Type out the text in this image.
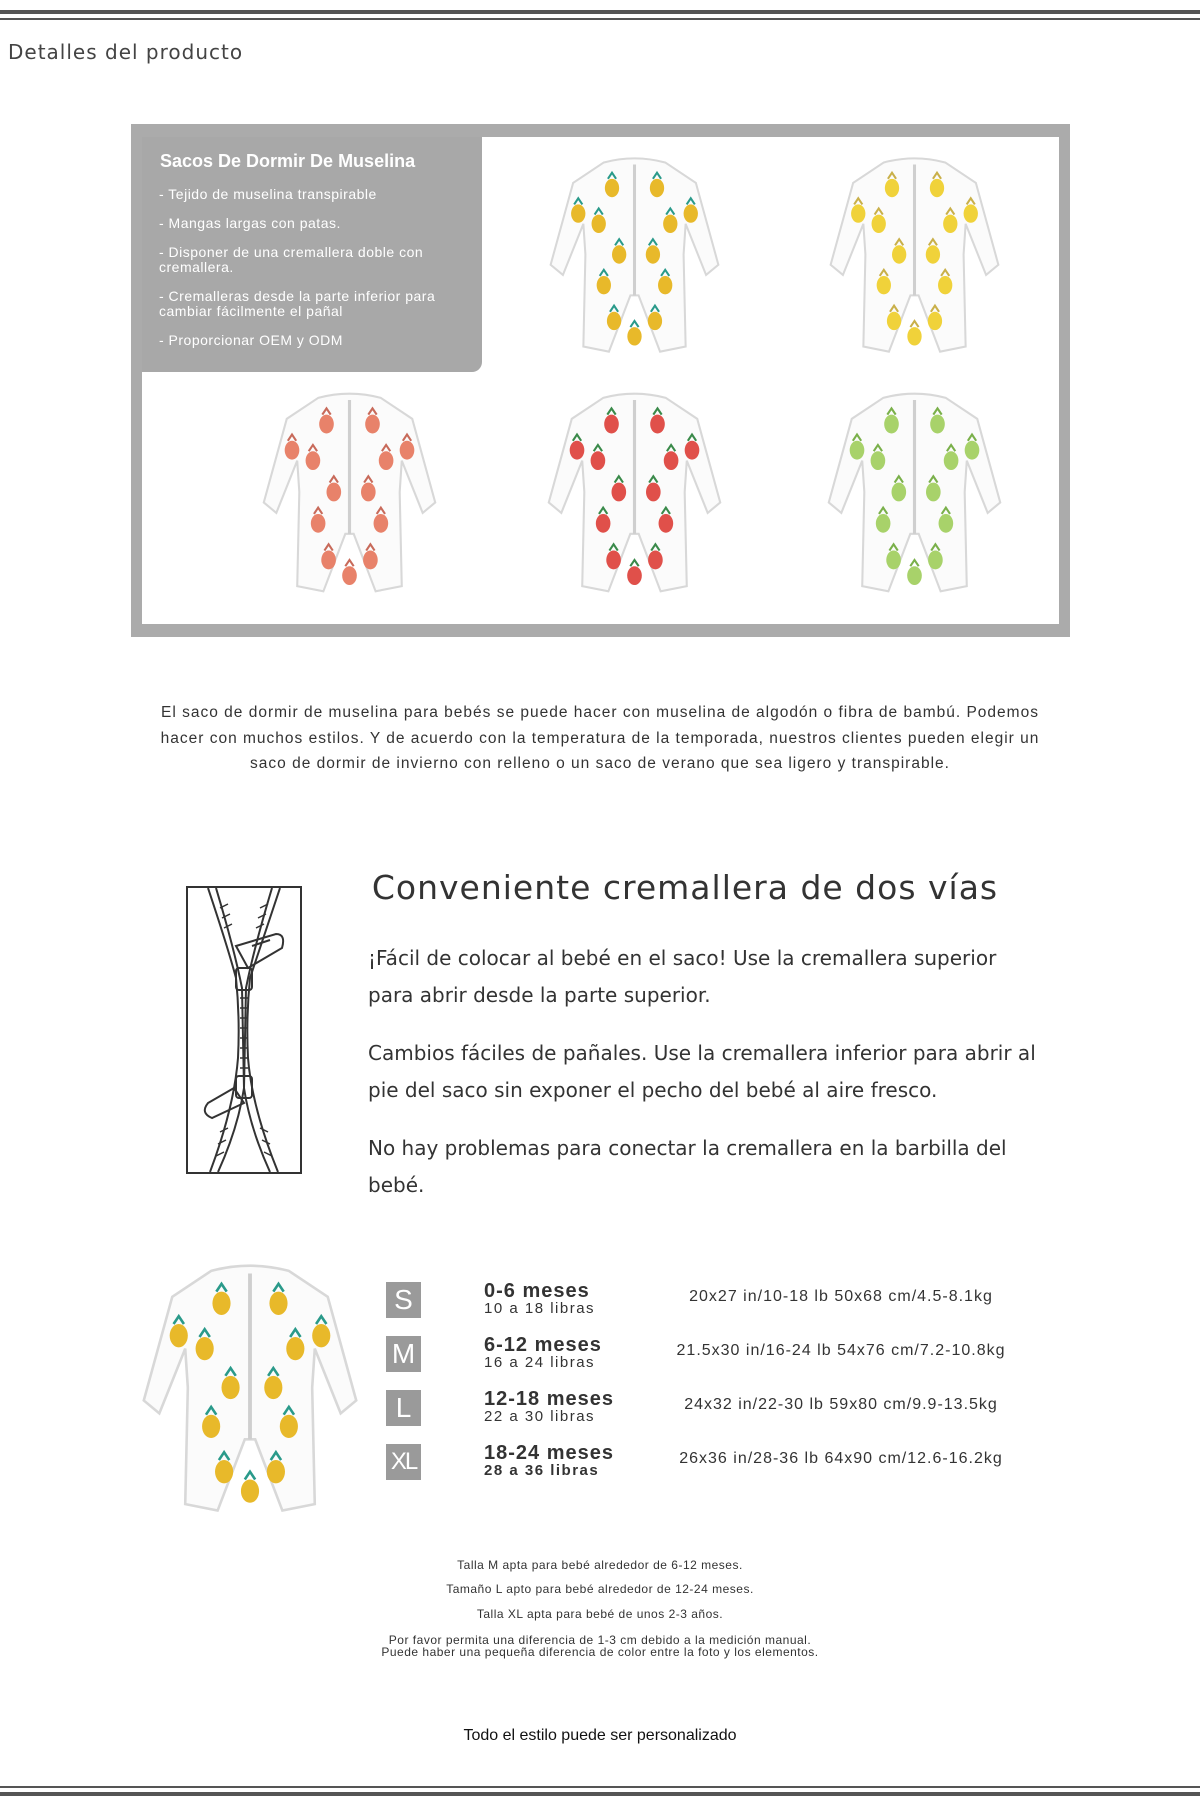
Detalles del producto
Sacos De Dormir De Muselina
- Tejido de muselina transpirable
- Mangas largas con patas.
- Disponer de una cremallera doble con cremallera.
- Cremalleras desde la parte inferior para cambiar fácilmente el pañal
- Proporcionar OEM y ODM
El saco de dormir de muselina para bebés se puede hacer con muselina de algodón o fibra de bambú. Podemos hacer con muchos estilos. Y de acuerdo con la temperatura de la temporada, nuestros clientes pueden elegir un saco de dormir de invierno con relleno o un saco de verano que sea ligero y transpirable.
Conveniente cremallera de dos vías
¡Fácil de colocar al bebé en el saco! Use la cremallera superior para abrir desde la parte superior.
Cambios fáciles de pañales. Use la cremallera inferior para abrir al pie del saco sin exponer el pecho del bebé al aire fresco.
No hay problemas para conectar la cremallera en la barbilla del bebé.
S	0-6 meses
10 a 18 libras
20x27 in/10-18 lb 50x68 cm/4.5-8.1kg
M	6-12 meses
16 a 24 libras
21.5x30 in/16-24 lb 54x76 cm/7.2-10.8kg
L	12-18 meses
22 a 30 libras
24x32 in/22-30 lb 59x80 cm/9.9-13.5kg
XL	18-24 meses
28 a 36 libras
26x36 in/28-36 lb 64x90 cm/12.6-16.2kg
Talla M apta para bebé alrededor de 6-12 meses.
Tamaño L apto para bebé alrededor de 12-24 meses.
Talla XL apta para bebé de unos 2-3 años.
Por favor permita una diferencia de 1-3 cm debido a la medición manual.
Puede haber una pequeña diferencia de color entre la foto y los elementos.
Todo el estilo puede ser personalizado
